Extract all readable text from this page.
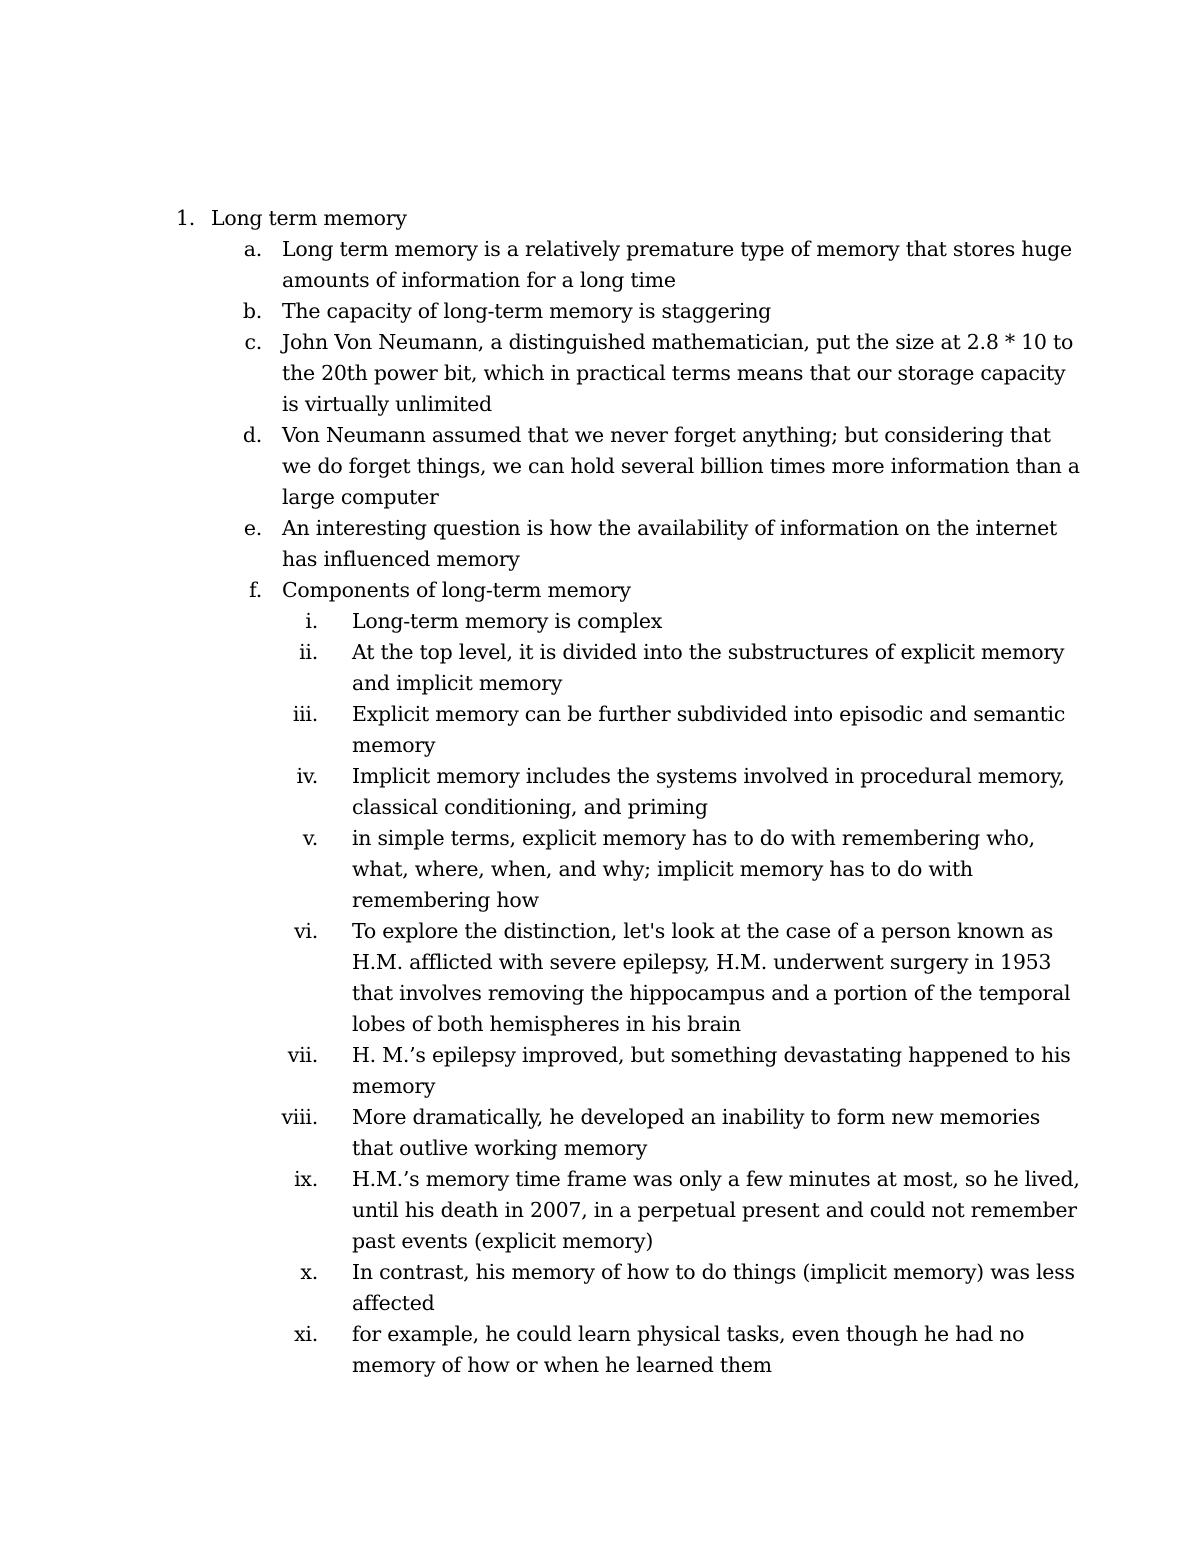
1. Long term memory
a. Long term memory is a relatively premature type of memory that stores huge amounts of information for a long time
b. The capacity of long-term memory is staggering
c. John Von Neumann, a distinguished mathematician, put the size at 2.8 * 10 to the 20th power bit, which in practical terms means that our storage capacity is virtually unlimited
d. Von Neumann assumed that we never forget anything; but considering that we do forget things, we can hold several billion times more information than a large computer
e. An interesting question is how the availability of information on the internet has influenced memory
f. Components of long-term memory
i. Long-term memory is complex
ii. At the top level, it is divided into the substructures of explicit memory and implicit memory
iii. Explicit memory can be further subdivided into episodic and semantic memory
iv. Implicit memory includes the systems involved in procedural memory, classical conditioning, and priming
v. in simple terms, explicit memory has to do with remembering who, what, where, when, and why; implicit memory has to do with remembering how
vi. To explore the distinction, let's look at the case of a person known as H.M. afflicted with severe epilepsy, H.M. underwent surgery in 1953 that involves removing the hippocampus and a portion of the temporal lobes of both hemispheres in his brain
vii. H. M.’s epilepsy improved, but something devastating happened to his memory
viii. More dramatically, he developed an inability to form new memories that outlive working memory
ix. H.M.’s memory time frame was only a few minutes at most, so he lived, until his death in 2007, in a perpetual present and could not remember past events (explicit memory)
x. In contrast, his memory of how to do things (implicit memory) was less affected
xi. for example, he could learn physical tasks, even though he had no memory of how or when he learned them
